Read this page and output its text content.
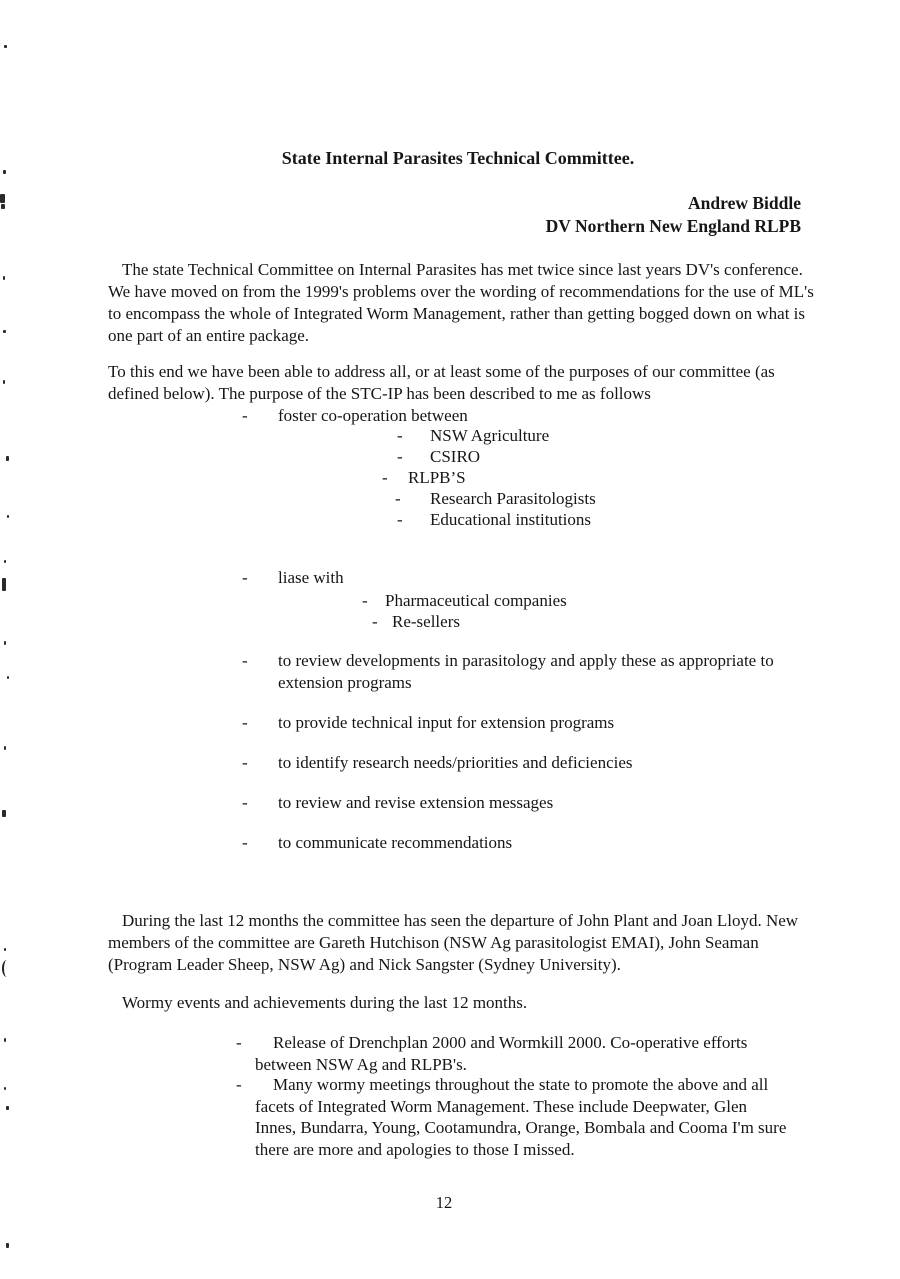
State Internal Parasites Technical Committee.
Andrew Biddle
DV Northern New England RLPB
The state Technical Committee on Internal Parasites has met twice since last years DV's conference. We have moved on from the 1999's problems over the wording of recommendations for the use of ML's to encompass the whole of Integrated Worm Management, rather than getting bogged down on what is one part of an entire package.
To this end we have been able to address all, or at least some of the purposes of our committee (as defined below). The purpose of the STC-IP has been described to me as follows
- foster co-operation between
- NSW Agriculture
- CSIRO
- RLPB’S
- Research Parasitologists
- Educational institutions
- liase with
- Pharmaceutical companies
- Re-sellers
- to review developments in parasitology and apply these as appropriate to extension programs
- to provide technical input for extension programs
- to identify research needs/priorities and deficiencies
- to review and revise extension messages
- to communicate recommendations
During the last 12 months the committee has seen the departure of John Plant and Joan Lloyd. New members of the committee are Gareth Hutchison (NSW Ag parasitologist EMAI), John Seaman (Program Leader Sheep, NSW Ag) and Nick Sangster (Sydney University).
Wormy events and achievements during the last 12 months.
- Release of Drenchplan 2000 and Wormkill 2000. Co-operative efforts between NSW Ag and RLPB's.
- Many wormy meetings throughout the state to promote the above and all facets of Integrated Worm Management. These include Deepwater, Glen Innes, Bundarra, Young, Cootamundra, Orange, Bombala and Cooma I'm sure there are more and apologies to those I missed.
12
